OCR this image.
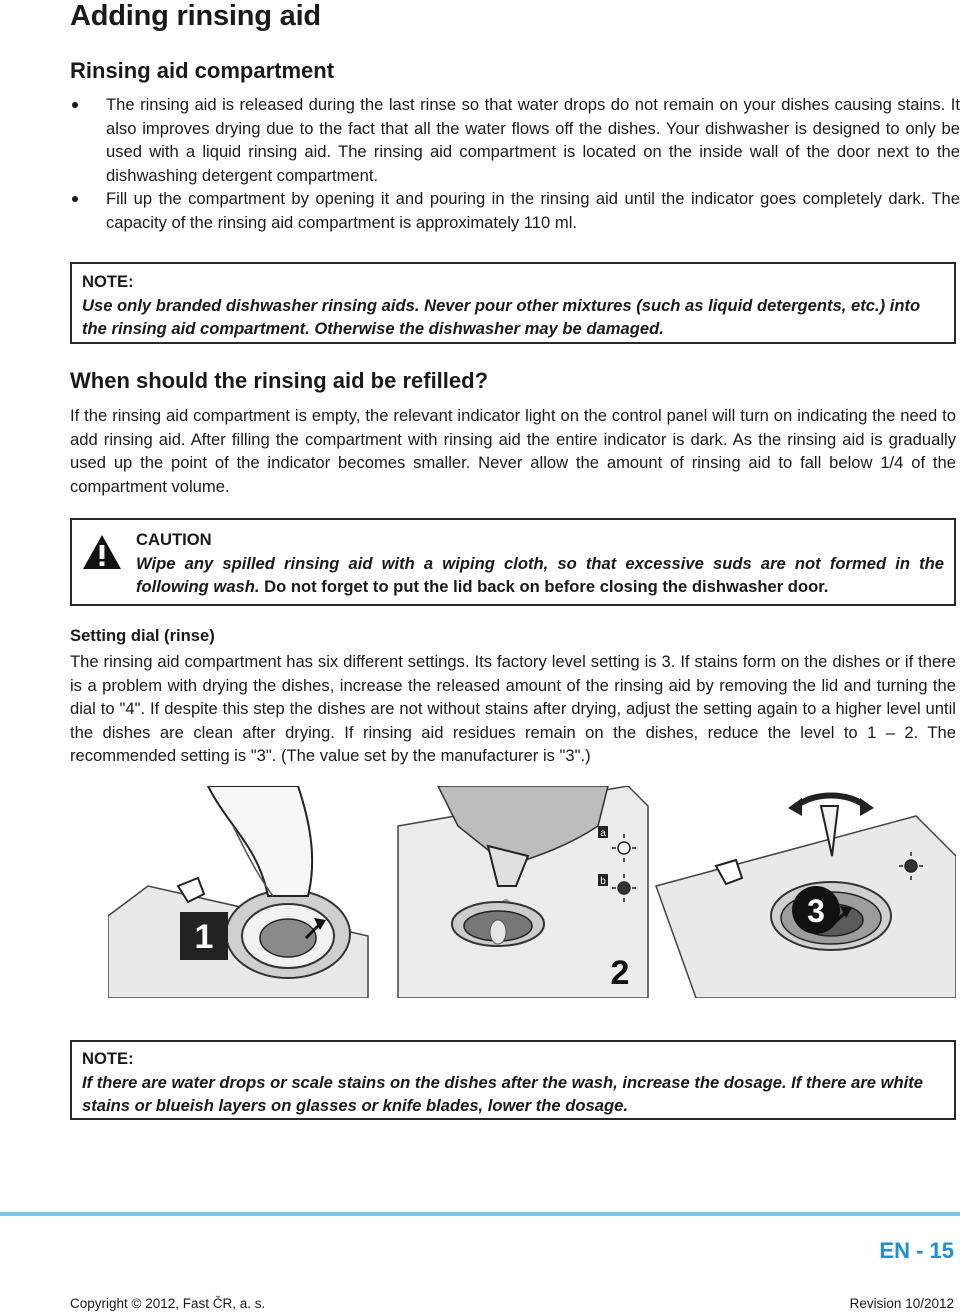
Adding rinsing aid
Rinsing aid compartment
The rinsing aid is released during the last rinse so that water drops do not remain on your dishes causing stains. It also improves drying due to the fact that all the water flows off the dishes. Your dishwasher is designed to only be used with a liquid rinsing aid. The rinsing aid compartment is located on the inside wall of the door next to the dishwashing detergent compartment.
Fill up the compartment by opening it and pouring in the rinsing aid until the indicator goes completely dark. The capacity of the rinsing aid compartment is approximately 110 ml.
NOTE:
Use only branded dishwasher rinsing aids. Never pour other mixtures (such as liquid detergents, etc.) into the rinsing aid compartment. Otherwise the dishwasher may be damaged.
When should the rinsing aid be refilled?

If the rinsing aid compartment is empty, the relevant indicator light on the control panel will turn on indicating the need to add rinsing aid. After filling the compartment with rinsing aid the entire indicator is dark. As the rinsing aid is gradually used up the point of the indicator becomes smaller. Never allow the amount of rinsing aid to fall below 1/4 of the compartment volume.

CAUTION
Wipe any spilled rinsing aid with a wiping cloth, so that excessive suds are not formed in the following wash. Do not forget to put the lid back on before closing the dishwasher door.
Setting dial (rinse)

The rinsing aid compartment has six different settings. Its factory level setting is 3. If stains form on the dishes or if there is a problem with drying the dishes, increase the released amount of the rinsing aid by removing the lid and turning the dial to "4". If despite this step the dishes are not without stains after drying, adjust the setting again to a higher level until the dishes are clean after drying. If rinsing aid residues remain on the dishes, reduce the level to 1 – 2. The recommended setting is "3". (The value set by the manufacturer is "3".)

1
a
b
2
3
NOTE:
If there are water drops or scale stains on the dishes after the wash, increase the dosage. If there are white stains or blueish layers on glasses or knife blades, lower the dosage.
EN - 15
Copyright © 2012, Fast ČR, a. s.	Revision 10/2012
